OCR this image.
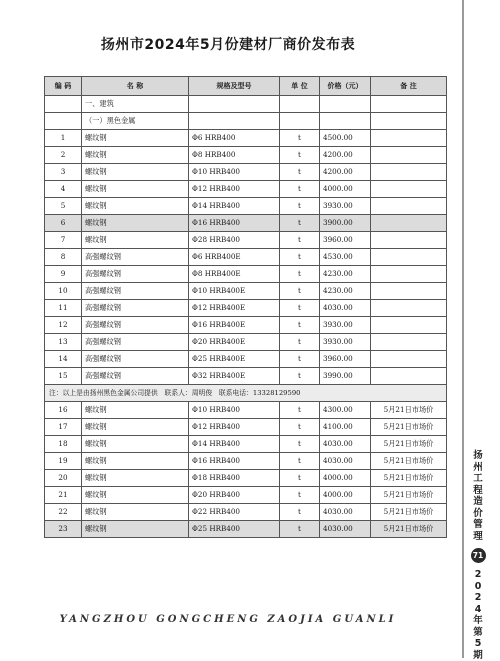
扬州市2024年5月份建材厂商价发布表
编 码	名 称	规格及型号	单 位	价格（元）	备 注
	一、建筑				
	（一）黑色金属				
1	螺纹钢	Φ6 HRB400	t	4500.00	
2	螺纹钢	Φ8 HRB400	t	4200.00	
3	螺纹钢	Φ10 HRB400	t	4200.00	
4	螺纹钢	Φ12 HRB400	t	4000.00	
5	螺纹钢	Φ14 HRB400	t	3930.00	
6	螺纹钢	Φ16 HRB400	t	3900.00	
7	螺纹钢	Φ28 HRB400	t	3960.00	
8	高强螺纹钢	Φ6 HRB400E	t	4530.00	
9	高强螺纹钢	Φ8 HRB400E	t	4230.00	
10	高强螺纹钢	Φ10 HRB400E	t	4230.00	
11	高强螺纹钢	Φ12 HRB400E	t	4030.00	
12	高强螺纹钢	Φ16 HRB400E	t	3930.00	
13	高强螺纹钢	Φ20 HRB400E	t	3930.00	
14	高强螺纹钢	Φ25 HRB400E	t	3960.00	
15	高强螺纹钢	Φ32 HRB400E	t	3990.00	
注：以上是由扬州黑色金属公司提供　联系人：周明俊　联系电话：13328129590					
16	螺纹钢	Φ10 HRB400	t	4300.00	5月21日市场价
17	螺纹钢	Φ12 HRB400	t	4100.00	5月21日市场价
18	螺纹钢	Φ14 HRB400	t	4030.00	5月21日市场价
19	螺纹钢	Φ16 HRB400	t	4030.00	5月21日市场价
20	螺纹钢	Φ18 HRB400	t	4000.00	5月21日市场价
21	螺纹钢	Φ20 HRB400	t	4000.00	5月21日市场价
22	螺纹钢	Φ22 HRB400	t	4030.00	5月21日市场价
23	螺纹钢	Φ25 HRB400	t	4030.00	5月21日市场价
YANGZHOU GONGCHENG ZAOJIA GUANLI
扬州工程造价管理
71
2024年第5期
